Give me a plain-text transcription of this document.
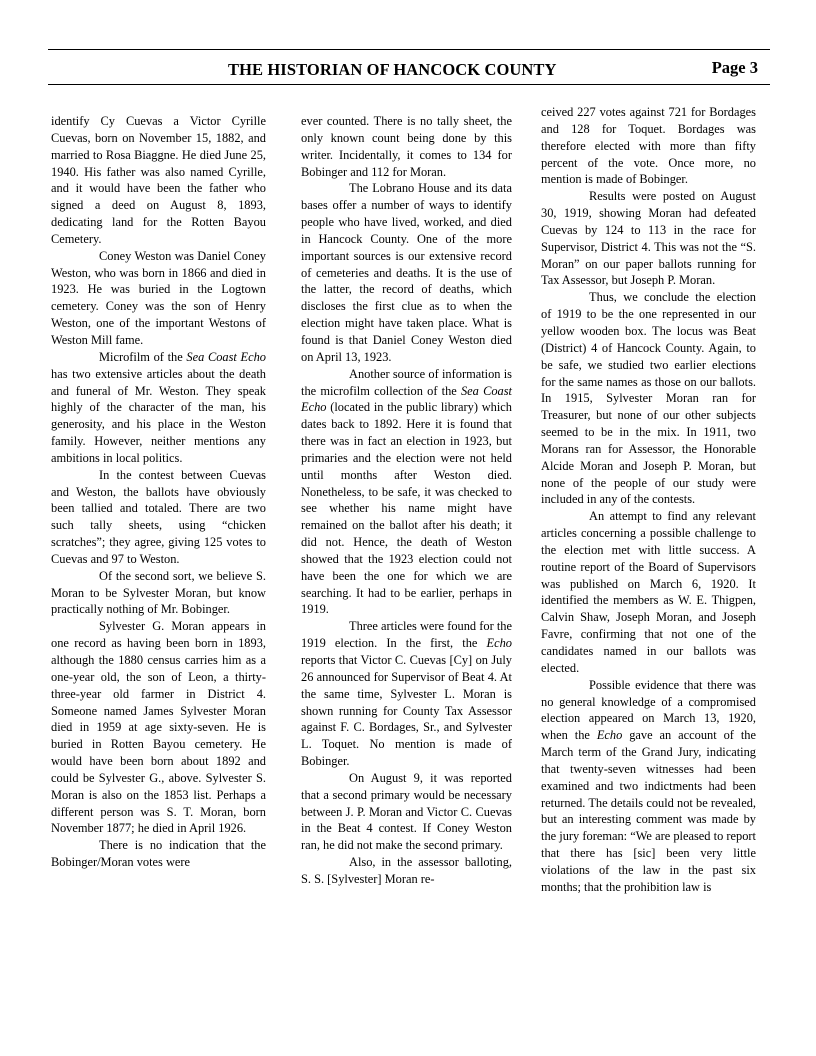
THE HISTORIAN OF HANCOCK COUNTY	Page 3

identify Cy Cuevas a Victor Cyrille Cuevas, born on November 15, 1882, and married to Rosa Biaggne. He died June 25, 1940. His father was also named Cyrille, and it would have been the father who signed a deed on August 8, 1893, dedicating land for the Rotten Bayou Cemetery.

Coney Weston was Daniel Coney Weston, who was born in 1866 and died in 1923. He was buried in the Logtown cemetery. Coney was the son of Henry Weston, one of the important Westons of Weston Mill fame.

Microfilm of the Sea Coast Echo has two extensive articles about the death and funeral of Mr. Weston. They speak highly of the character of the man, his generosity, and his place in the Weston family. However, neither mentions any ambitions in local politics.

In the contest between Cuevas and Weston, the ballots have obviously been tallied and totaled. There are two such tally sheets, using “chicken scratches”; they agree, giving 125 votes to Cuevas and 97 to Weston.

Of the second sort, we believe S. Moran to be Sylvester Moran, but know practically nothing of Mr. Bobinger.

Sylvester G. Moran appears in one record as having been born in 1893, although the 1880 census carries him as a one-year old, the son of Leon, a thirty-three-year old farmer in District 4. Someone named James Sylvester Moran died in 1959 at age sixty-seven. He is buried in Rotten Bayou cemetery. He would have been born about 1892 and could be Sylvester G., above. Sylvester S. Moran is also on the 1853 list. Perhaps a different person was S. T. Moran, born November 1877; he died in April 1926.

There is no indication that the Bobinger/Moran votes were

ever counted. There is no tally sheet, the only known count being done by this writer. Incidentally, it comes to 134 for Bobinger and 112 for Moran.

The Lobrano House and its data bases offer a number of ways to identify people who have lived, worked, and died in Hancock County. One of the more important sources is our extensive record of cemeteries and deaths. It is the use of the latter, the record of deaths, which discloses the first clue as to when the election might have taken place. What is found is that Daniel Coney Weston died on April 13, 1923.

Another source of information is the microfilm collection of the Sea Coast Echo (located in the public library) which dates back to 1892. Here it is found that there was in fact an election in 1923, but primaries and the election were not held until months after Weston died. Nonetheless, to be safe, it was checked to see whether his name might have remained on the ballot after his death; it did not. Hence, the death of Weston showed that the 1923 election could not have been the one for which we are searching. It had to be earlier, perhaps in 1919.

Three articles were found for the 1919 election. In the first, the Echo reports that Victor C. Cuevas [Cy] on July 26 announced for Supervisor of Beat 4. At the same time, Sylvester L. Moran is shown running for County Tax Assessor against F. C. Bordages, Sr., and Sylvester L. Toquet. No mention is made of Bobinger.

On August 9, it was reported that a second primary would be necessary between J. P. Moran and Victor C. Cuevas in the Beat 4 contest. If Coney Weston ran, he did not make the second primary.

Also, in the assessor balloting, S. S. [Sylvester] Moran re-

ceived 227 votes against 721 for Bordages and 128 for Toquet. Bordages was therefore elected with more than fifty percent of the vote. Once more, no mention is made of Bobinger.

Results were posted on August 30, 1919, showing Moran had defeated Cuevas by 124 to 113 in the race for Supervisor, District 4. This was not the “S. Moran” on our paper ballots running for Tax Assessor, but Joseph P. Moran.

Thus, we conclude the election of 1919 to be the one represented in our yellow wooden box. The locus was Beat (District) 4 of Hancock County. Again, to be safe, we studied two earlier elections for the same names as those on our ballots. In 1915, Sylvester Moran ran for Treasurer, but none of our other subjects seemed to be in the mix. In 1911, two Morans ran for Assessor, the Honorable Alcide Moran and Joseph P. Moran, but none of the people of our study were included in any of the contests.

An attempt to find any relevant articles concerning a possible challenge to the election met with little success. A routine report of the Board of Supervisors was published on March 6, 1920. It identified the members as W. E. Thigpen, Calvin Shaw, Joseph Moran, and Joseph Favre, confirming that not one of the candidates named in our ballots was elected.

Possible evidence that there was no general knowledge of a compromised election appeared on March 13, 1920, when the Echo gave an account of the March term of the Grand Jury, indicating that twenty-seven witnesses had been examined and two indictments had been returned. The details could not be revealed, but an interesting comment was made by the jury foreman: “We are pleased to report that there has [sic] been very little violations of the law in the past six months; that the prohibition law is
